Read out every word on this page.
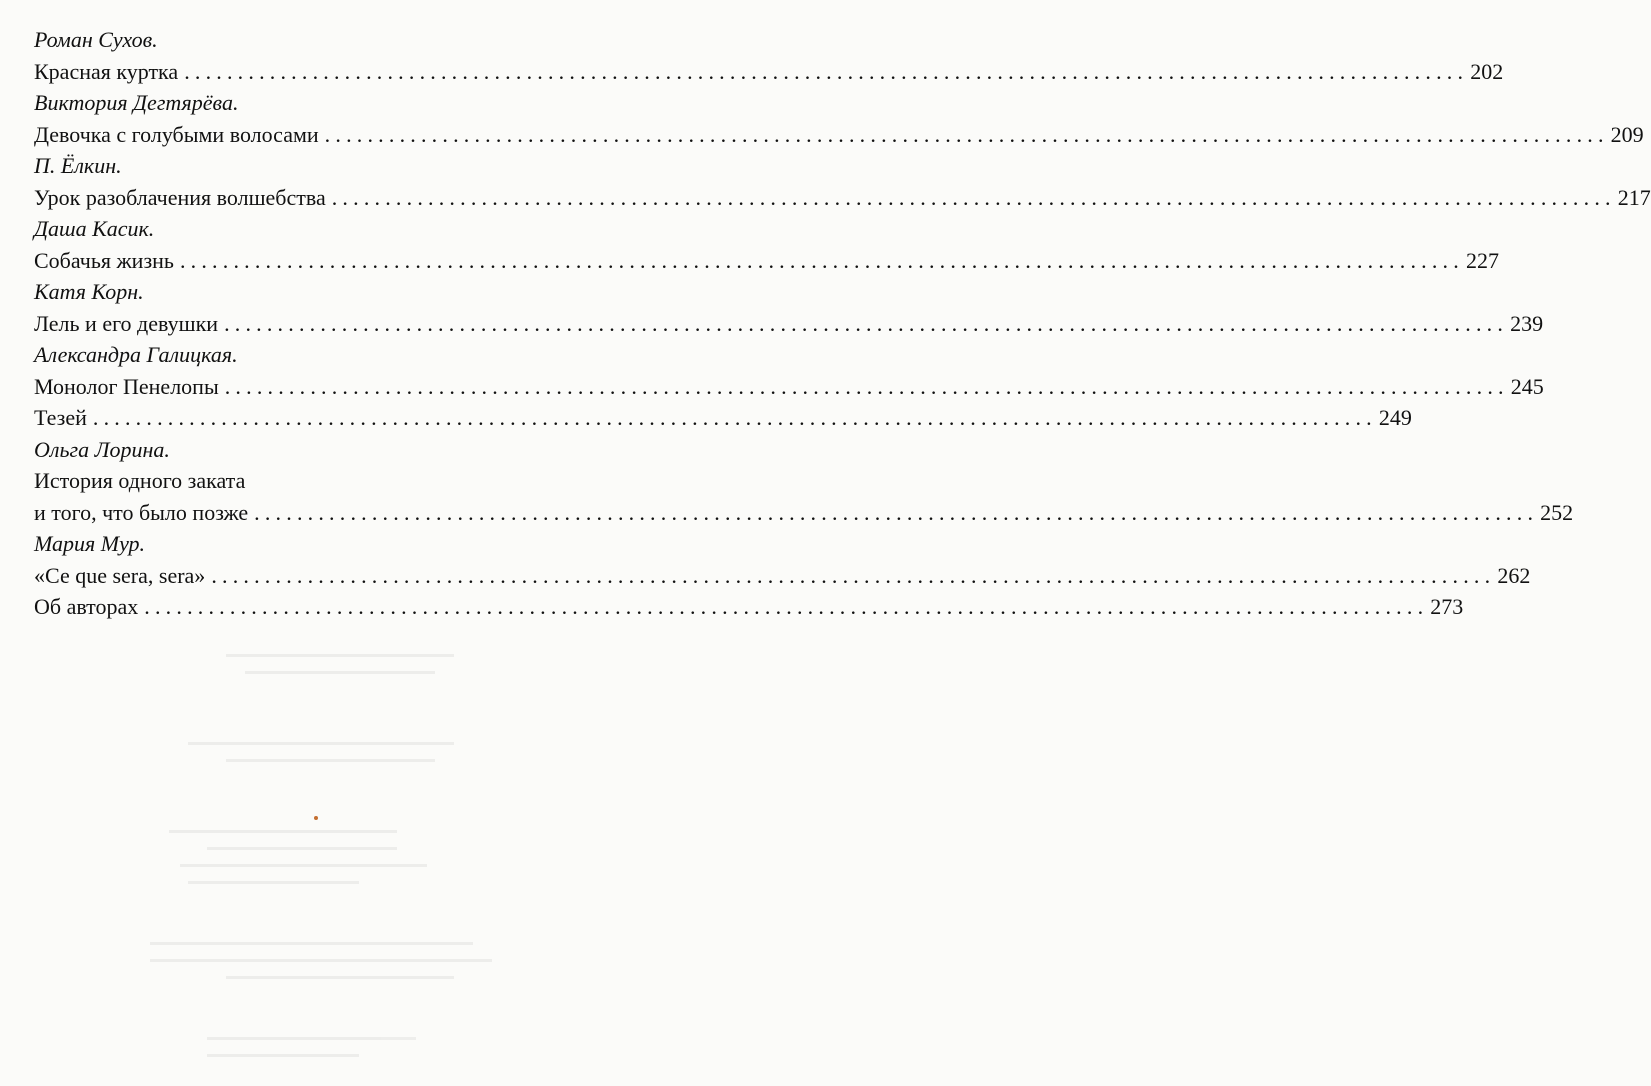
Роман Сухов.
Красная куртка ........................................................................................................................ 202
Виктория Дегтярёва.
Девочка с голубыми волосами ........................................................................................................................ 209
П. Ёлкин.
Урок разоблачения волшебства ........................................................................................................................ 217
Даша Касик.
Собачья жизнь ........................................................................................................................ 227
Катя Корн.
Лель и его девушки ........................................................................................................................ 239
Александра Галицкая.
Монолог Пенелопы ........................................................................................................................ 245
Тезей ........................................................................................................................ 249
Ольга Лорина.
История одного заката
и того, что было позже ........................................................................................................................ 252
Мария Мур.
«Се que sera, sera» ........................................................................................................................ 262
Об авторах ........................................................................................................................ 273
